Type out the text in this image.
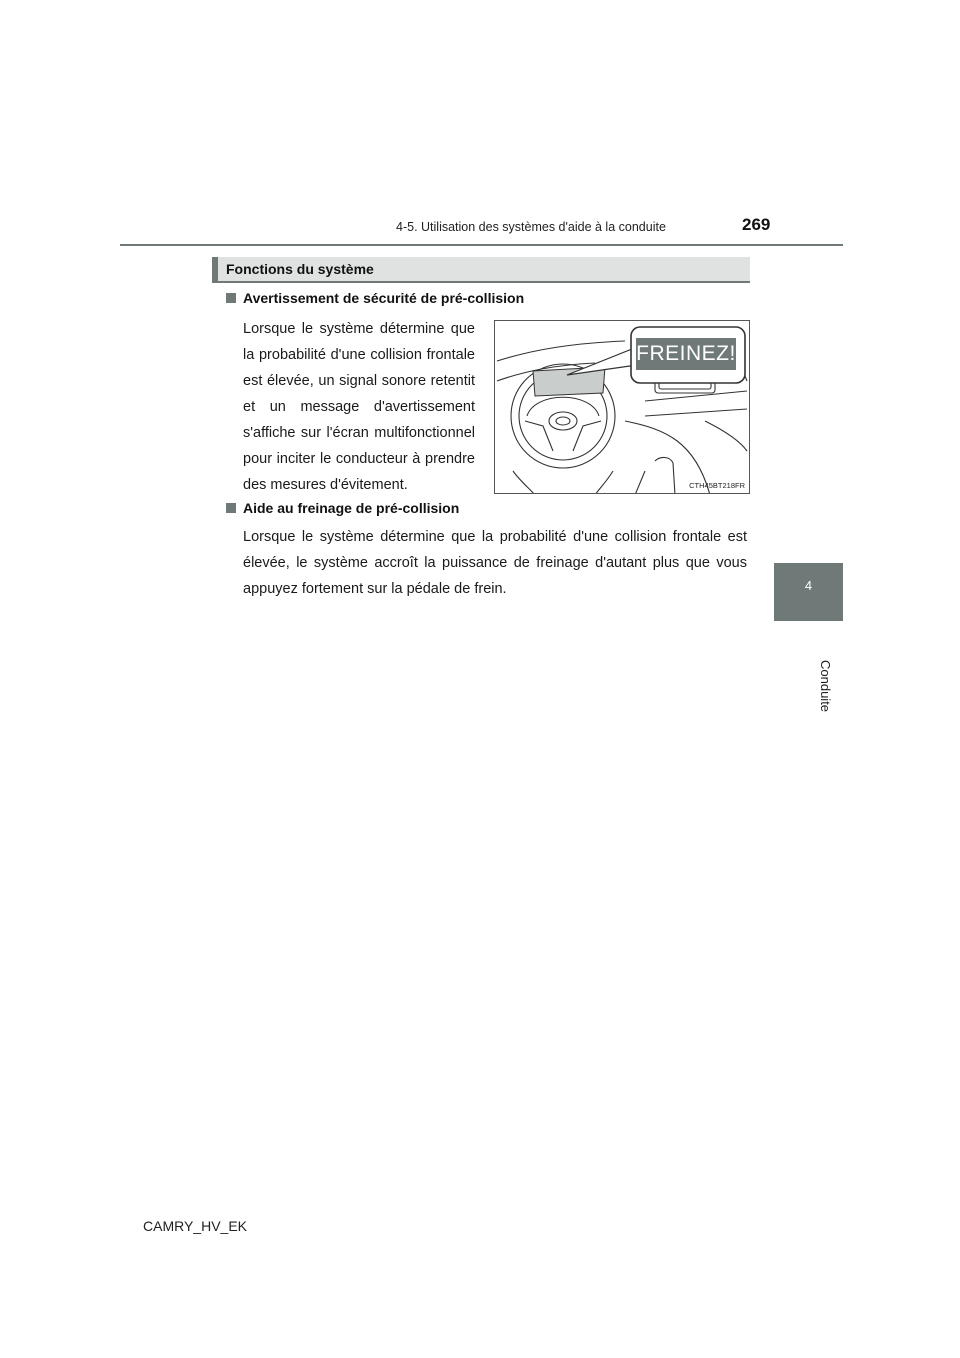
4-5. Utilisation des systèmes d'aide à la conduite	269
4
Conduite
Fonctions du système
Avertissement de sécurité de pré-collision
Lorsque le système détermine que la probabilité d'une collision frontale est élevée, un signal sonore retentit et un message d'avertissement s'affiche sur l'écran multifonctionnel pour inciter le conducteur à prendre des mesures d'évitement.
FREINEZ!
CTH45BT218FR
Aide au freinage de pré-collision
Lorsque le système détermine que la probabilité d'une collision frontale est élevée, le système accroît la puissance de freinage d'autant plus que vous appuyez fortement sur la pédale de frein.
CAMRY_HV_EK
